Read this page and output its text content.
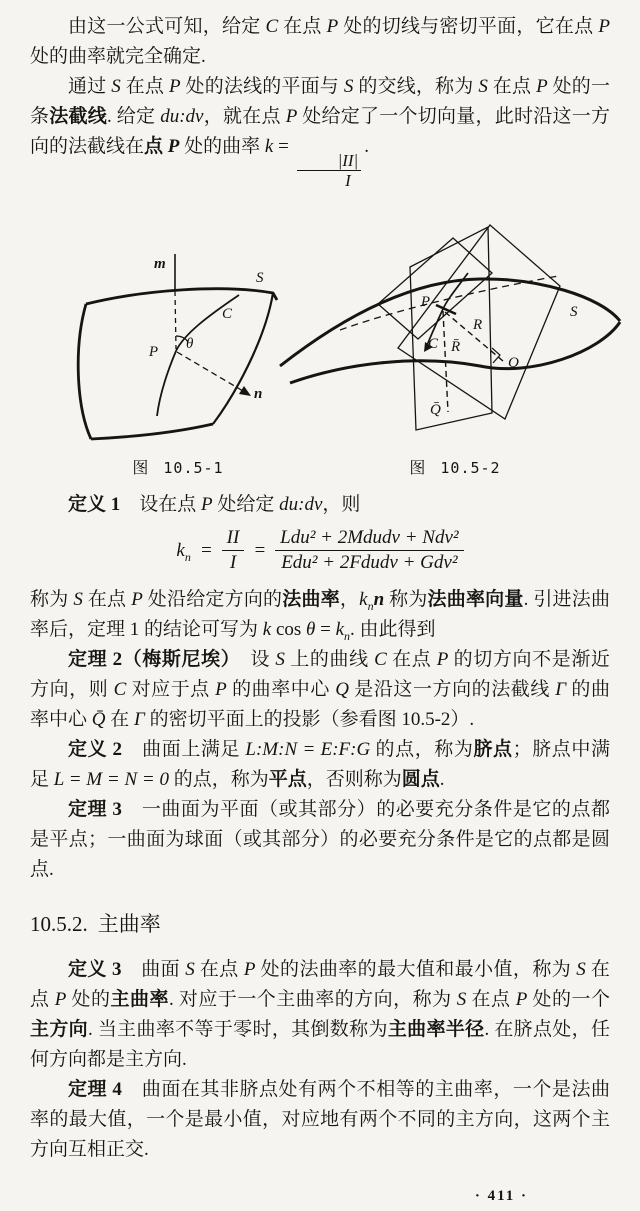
由这一公式可知，给定 C 在点 P 处的切线与密切平面，它在点 P 处的曲率就完全确定.

通过 S 在点 P 处的法线的平面与 S 的交线，称为 S 在点 P 处的一条法截线. 给定 du:dv，就在点 P 处给定了一个切向量，此时沿这一方向的法截线在点 P 处的曲率 k =
$\frac{|II|}{I}$
.

m
S
C
P θ
n
图 10.5-1
P
R
R̄
C
Q
Q̄
S
图 10.5-2

定义 1　设在点 P 处给定 du:dv，则

$k_n = \frac{II}{I} = \frac{\text{Ldu² + 2Mdudv + Ndv²}}{\text{Edu² + 2Fdudv + Gdv²}}$

称为 S 在点 P 处沿给定方向的法曲率，$k_nn$ 称为法曲率向量. 引进法曲率后，定理 1 的结论可写为 k $\cos \theta = k_n$. 由此得到

定理 2（梅斯尼埃）　设 S 上的曲线 C 在点 P 的切方向不是渐近方向，则 C 对应于点 P 的曲率中心 Q 是沿这一方向的法截线 Γ 的曲率中心 Q̄ 在 Γ 的密切平面上的投影（参看图 10.5-2）.

定义 2　曲面上满足 L:M:N = E:F:G 的点，称为脐点；脐点中满足 L = M = N = 0 的点，称为平点，否则称为圆点.

定理 3　一曲面为平面（或其部分）的必要充分条件是它的点都是平点；一曲面为球面（或其部分）的必要充分条件是它的点都是圆点.

10.5.2. 主曲率

定义 3　曲面 S 在点 P 处的法曲率的最大值和最小值，称为 S 在点 P 处的主曲率. 对应于一个主曲率的方向，称为 S 在点 P 处的一个主方向. 当主曲率不等于零时，其倒数称为主曲率半径. 在脐点处，任何方向都是主方向.

定理 4　曲面在其非脐点处有两个不相等的主曲率，一个是法曲率的最大值，一个是最小值，对应地有两个不同的主方向，这两个主方向互相正交.

· 411 ·
